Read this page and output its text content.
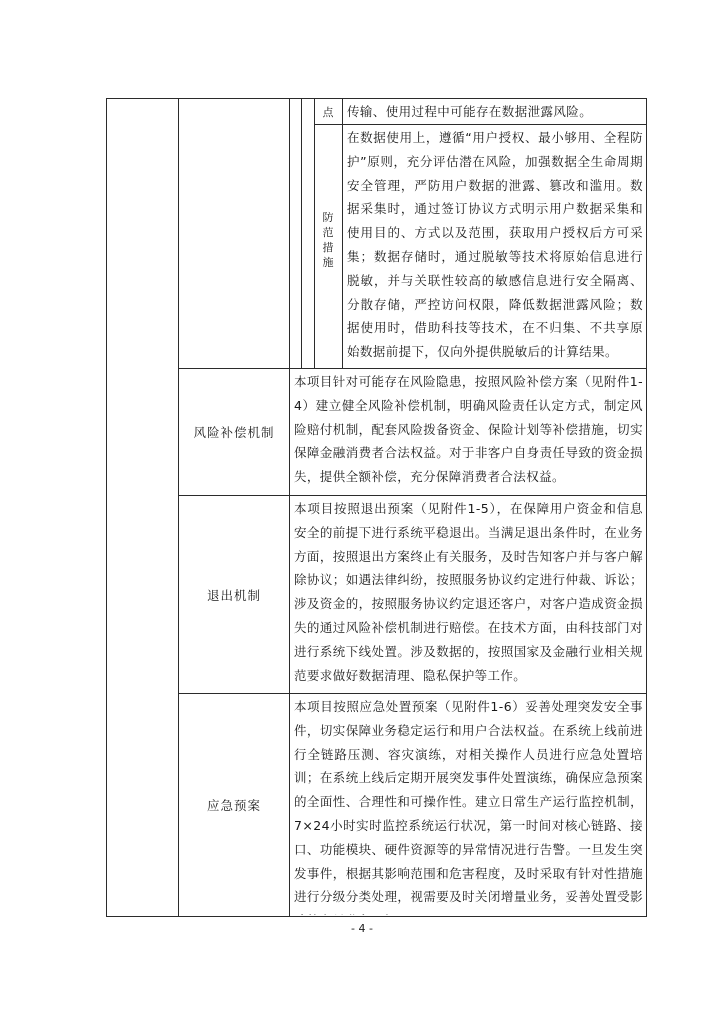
点	传输、使用过程中可能存在数据泄露风险。
防范措施
在数据使用上，遵循“用户授权、最小够用、全程防护”原则，充分评估潜在风险，加强数据全生命周期安全管理，严防用户数据的泄露、篡改和滥用。数据采集时，通过签订协议方式明示用户数据采集和使用目的、方式以及范围，获取用户授权后方可采集；数据存储时，通过脱敏等技术将原始信息进行脱敏，并与关联性较高的敏感信息进行安全隔离、分散存储，严控访问权限，降低数据泄露风险；数据使用时，借助科技等技术，在不归集、不共享原始数据前提下，仅向外提供脱敏后的计算结果。
风险补偿机制
本项目针对可能存在风险隐患，按照风险补偿方案（见附件1-4）建立健全风险补偿机制，明确风险责任认定方式，制定风险赔付机制，配套风险拨备资金、保险计划等补偿措施，切实保障金融消费者合法权益。对于非客户自身责任导致的资金损失，提供全额补偿，充分保障消费者合法权益。
退出机制
本项目按照退出预案（见附件1-5），在保障用户资金和信息安全的前提下进行系统平稳退出。当满足退出条件时，在业务方面，按照退出方案终止有关服务，及时告知客户并与客户解除协议；如遇法律纠纷，按照服务协议约定进行仲裁、诉讼；涉及资金的，按照服务协议约定退还客户，对客户造成资金损失的通过风险补偿机制进行赔偿。在技术方面，由科技部门对进行系统下线处置。涉及数据的，按照国家及金融行业相关规范要求做好数据清理、隐私保护等工作。
应急预案
本项目按照应急处置预案（见附件1-6）妥善处理突发安全事件，切实保障业务稳定运行和用户合法权益。在系统上线前进行全链路压测、容灾演练，对相关操作人员进行应急处置培训；在系统上线后定期开展突发事件处置演练，确保应急预案的全面性、合理性和可操作性。建立日常生产运行监控机制，7×24小时实时监控系统运行状况，第一时间对核心链路、接口、功能模块、硬件资源等的异常情况进行告警。一旦发生突发事件，根据其影响范围和危害程度，及时采取有针对性措施进行分级分类处理，视需要及时关闭增量业务，妥善处置受影
- 4 -
